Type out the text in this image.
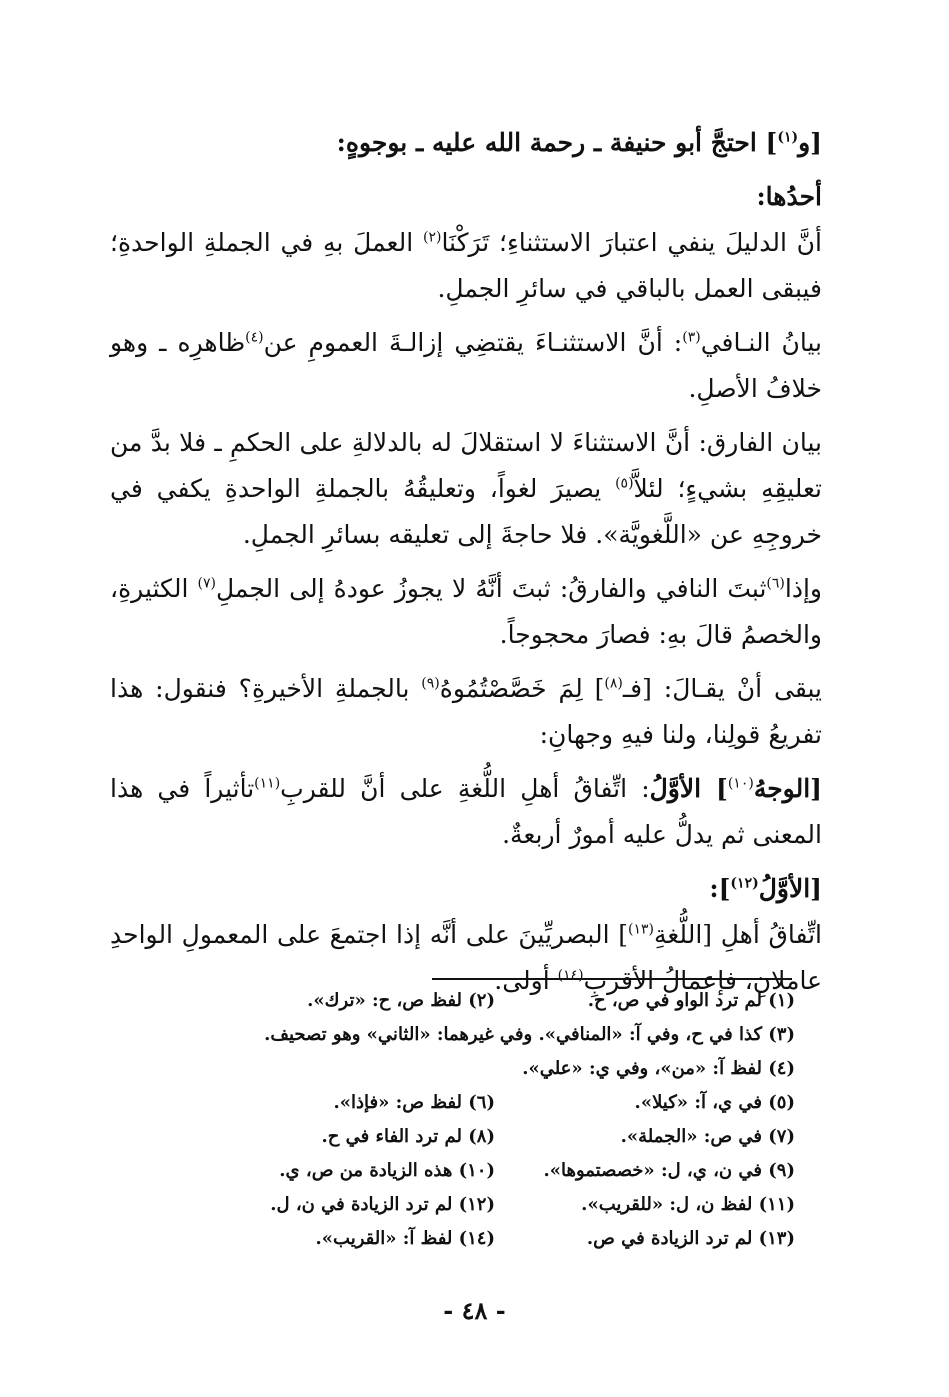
[و$^{(١)}$] احتجَّ أبو حنيفة ـ رحمة الله عليه ـ بوجوهٍ:

أحدُها:

أنَّ الدليلَ ينفي اعتبارَ الاستثناءِ؛ تَرَكْنَا$^{(٢)}$ العملَ بهِ في الجملةِ الواحدةِ؛ فيبقى العمل بالباقي في سائرِ الجملِ.

بيانُ النـافي$^{(٣)}$: أنَّ الاستثنـاءَ يقتضِي إزالـةَ العمومِ عن$^{(٤)}$ظاهرِه ـ وهو خلافُ الأصلِ.

بيان الفارق: أنَّ الاستثناءَ لا استقلالَ له بالدلالةِ على الحكمِ ـ فلا بدَّ من تعليقِهِ بشيءٍ؛ لئلاَّ$^{(٥)}$ يصيرَ لغواً، وتعليقُهُ بالجملةِ الواحدةِ يكفي في خروجِهِ عن «اللَّغويَّة». فلا حاجةَ إلى تعليقه بسائرِ الجملِ.

وإذا$^{(٦)}$ثبتَ النافي والفارقُ: ثبتَ أنَّهُ لا يجوزُ عودهُ إلى الجملِ$^{(٧)}$ الكثيرةِ، والخصمُ قالَ بهِ: فصارَ محجوجاً.

يبقى أنْ يقـالَ: [فـ$^{(٨)}$] لِمَ خَصَّصْتُمُوهُ$^{(٩)}$ بالجملةِ الأخيرةِ؟ فنقول: هذا تفريعُ قولِنا، ولنا فيهِ وجهانِ:

[الوجهُ$^{(١٠)}$] الأوَّلُ: اتِّفاقُ أهلِ اللُّغةِ على أنَّ للقربِ$^{(١١)}$تأثيراً في هذا المعنى ثم يدلُّ عليه أمورٌ أربعةٌ.

[الأوَّلُ$^{(١٢)}$]:

اتِّفاقُ أهلِ [اللُّغةِ$^{(١٣)}$] البصريِّينَ على أنَّه إذا اجتمعَ على المعمولِ الواحدِ عاملانِ، فإعمالُ الأقربِ$^{(١٤)}$ أولى.

(١) لم ترد الواو في ص، ح.
(٢) لفظ ص، ح: «ترك».
(٣) كذا في ح، وفي آ: «المنافي». وفي غيرهما: «الثاني» وهو تصحيف.
(٤) لفظ آ: «من»، وفي ي: «علي».
(٥) في ي، آ: «كيلا».
(٦) لفظ ص: «فإذا».
(٧) في ص: «الجملة».
(٨) لم ترد الفاء في ح.
(٩) في ن، ي، ل: «خصصتموها».
(١٠) هذه الزيادة من ص، ي.
(١١) لفظ ن، ل: «للقريب».
(١٢) لم ترد الزيادة في ن، ل.
(١٣) لم ترد الزيادة في ص.
(١٤) لفظ آ: «القريب».
- ٤٨ -
